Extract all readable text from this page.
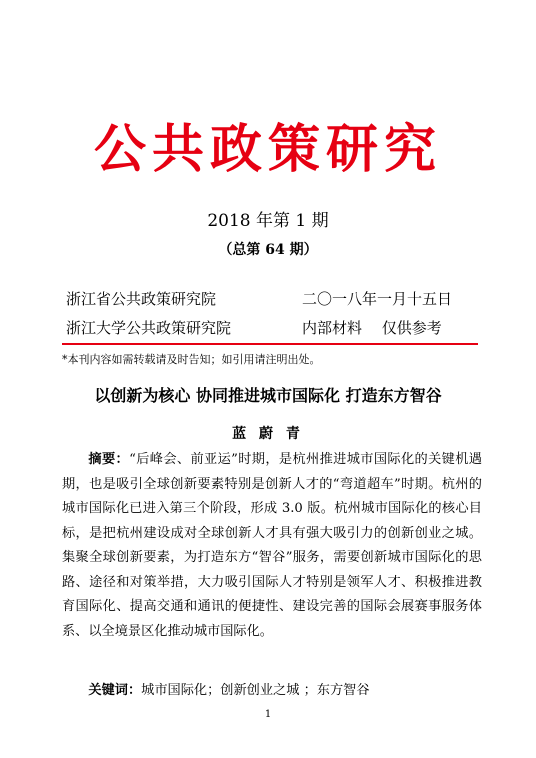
公共政策研究
2018 年第 1 期
（总第 64 期）
浙江省公共政策研究院	二〇一八年一月十五日
浙江大学公共政策研究院	内部材料　 仅供参考
*本刊内容如需转载请及时告知；如引用请注明出处。
以创新为核心 协同推进城市国际化 打造东方智谷
蓝 蔚 青
摘要：“后峰会、前亚运”时期，是杭州推进城市国际化的关键机遇期，也是吸引全球创新要素特别是创新人才的“弯道超车”时期。杭州的城市国际化已进入第三个阶段，形成 3.0 版。杭州城市国际化的核心目标，是把杭州建设成对全球创新人才具有强大吸引力的创新创业之城。集聚全球创新要素，为打造东方“智谷”服务，需要创新城市国际化的思路、途径和对策举措，大力吸引国际人才特别是领军人才、积极推进教育国际化、提高交通和通讯的便捷性、建设完善的国际会展赛事服务体系、以全境景区化推动城市国际化。
关键词：城市国际化；创新创业之城 ；东方智谷
1
